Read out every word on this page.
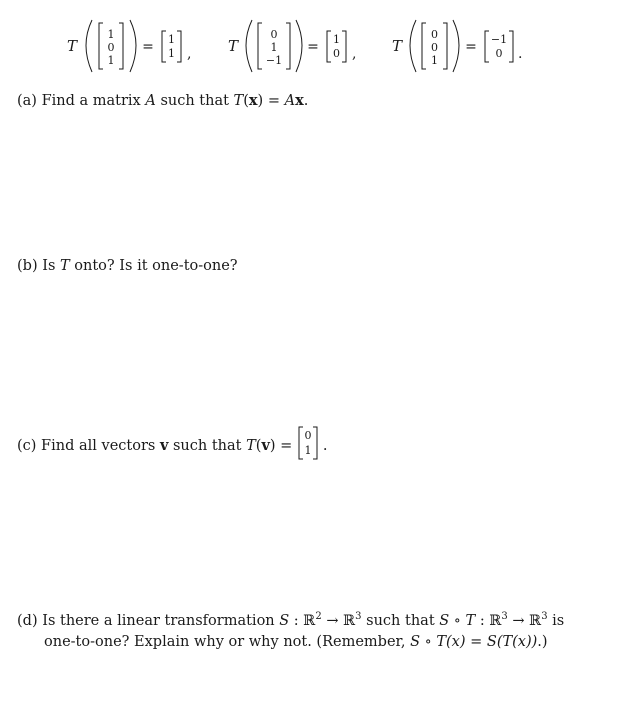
T
1
0
1
= 1
1 , T
0
1
−1
= 1
0 , T
0
0
1
= −1
0 .
(a) Find a matrix A such that T(x) = Ax.
(b) Is T onto? Is it one-to-one?
(c) Find all vectors v such that T(v) =
0
1 .
(d) Is there a linear transformation S : ℝ$^2$ → ℝ$^3$ such that S ∘ T : ℝ$^3$ → ℝ$^3$ is
one-to-one? Explain why or why not. (Remember, S ∘ T(x) = S(T(x)).)
